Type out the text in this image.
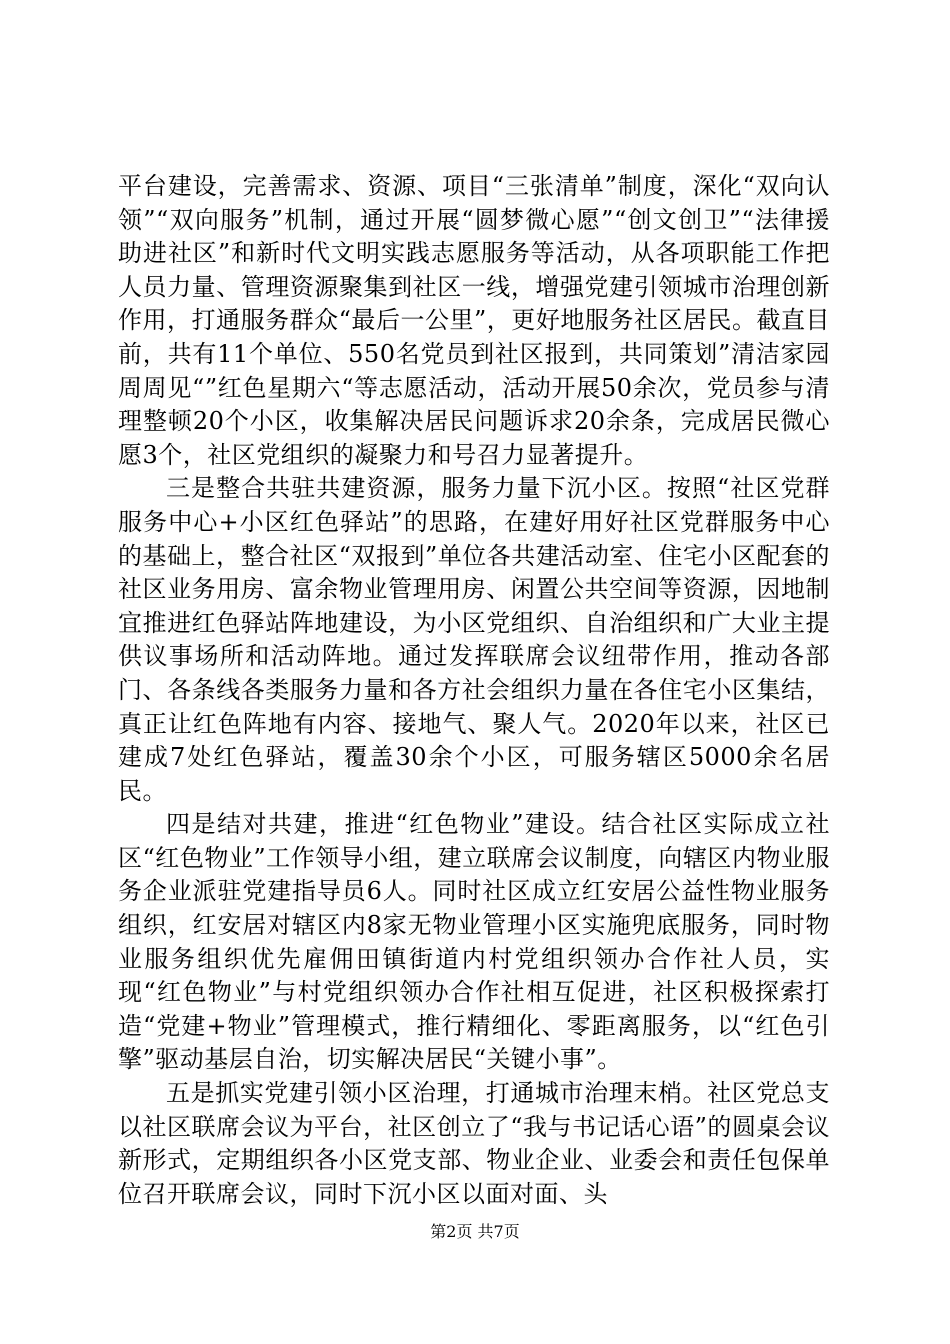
平台建设，完善需求、资源、项目“三张清单”制度，深化“双向认领”“双向服务”机制，通过开展“圆梦微心愿”“创文创卫”“法律援助进社区”和新时代文明实践志愿服务等活动，从各项职能工作把人员力量、管理资源聚集到社区一线，增强党建引领城市治理创新作用，打通服务群众“最后一公里”，更好地服务社区居民。截直目前，共有11个单位、550名党员到社区报到，共同策划”清洁家园周周见“”红色星期六“等志愿活动，活动开展50余次，党员参与清理整顿20个小区，收集解决居民问题诉求20余条，完成居民微心愿3个，社区党组织的凝聚力和号召力显著提升。

三是整合共驻共建资源，服务力量下沉小区。按照“社区党群服务中心+小区红色驿站”的思路，在建好用好社区党群服务中心的基础上，整合社区“双报到”单位各共建活动室、住宅小区配套的社区业务用房、富余物业管理用房、闲置公共空间等资源，因地制宜推进红色驿站阵地建设，为小区党组织、自治组织和广大业主提供议事场所和活动阵地。通过发挥联席会议纽带作用，推动各部门、各条线各类服务力量和各方社会组织力量在各住宅小区集结，真正让红色阵地有内容、接地气、聚人气。2020年以来，社区已建成7处红色驿站，覆盖30余个小区，可服务辖区5000余名居民。

四是结对共建，推进“红色物业”建设。结合社区实际成立社区“红色物业”工作领导小组，建立联席会议制度，向辖区内物业服务企业派驻党建指导员6人。同时社区成立红安居公益性物业服务组织，红安居对辖区内8家无物业管理小区实施兜底服务，同时物业服务组织优先雇佣田镇街道内村党组织领办合作社人员，实现“红色物业”与村党组织领办合作社相互促进，社区积极探索打造“党建+物业”管理模式，推行精细化、零距离服务，以“红色引擎”驱动基层自治，切实解决居民“关键小事”。

五是抓实党建引领小区治理，打通城市治理末梢。社区党总支以社区联席会议为平台，社区创立了“我与书记话心语”的圆桌会议新形式，定期组织各小区党支部、物业企业、业委会和责任包保单位召开联席会议，同时下沉小区以面对面、头

第2页 共7页
